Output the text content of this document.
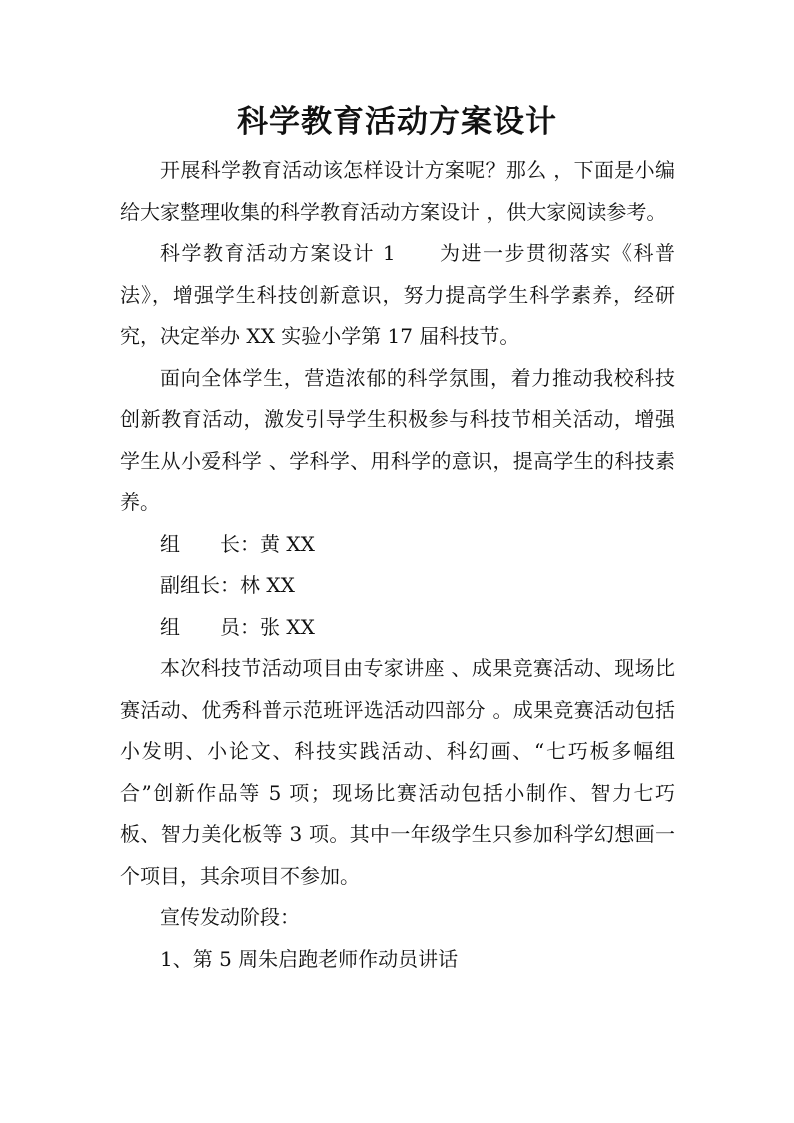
科学教育活动方案设计

开展科学教育活动该怎样设计方案呢？那么 ，下面是小编给大家整理收集的科学教育活动方案设计 ，供大家阅读参考。

科学教育活动方案设计 1　　为进一步贯彻落实《科普法》，增强学生科技创新意识，努力提高学生科学素养，经研究，决定举办 XX 实验小学第 17 届科技节。

面向全体学生，营造浓郁的科学氛围，着力推动我校科技创新教育活动，激发引导学生积极参与科技节相关活动，增强学生从小爱科学 、学科学、用科学的意识，提高学生的科技素养。

组　　长：黄 XX

副组长：林 XX

组　　员：张 XX

本次科技节活动项目由专家讲座 、成果竞赛活动、现场比赛活动、优秀科普示范班评选活动四部分 。成果竞赛活动包括小发明、小论文、科技实践活动、科幻画、“七巧板多幅组合”创新作品等 5 项；现场比赛活动包括小制作、智力七巧板、智力美化板等 3 项。其中一年级学生只参加科学幻想画一个项目，其余项目不参加。

宣传发动阶段：

1、第 5 周朱启跑老师作动员讲话
